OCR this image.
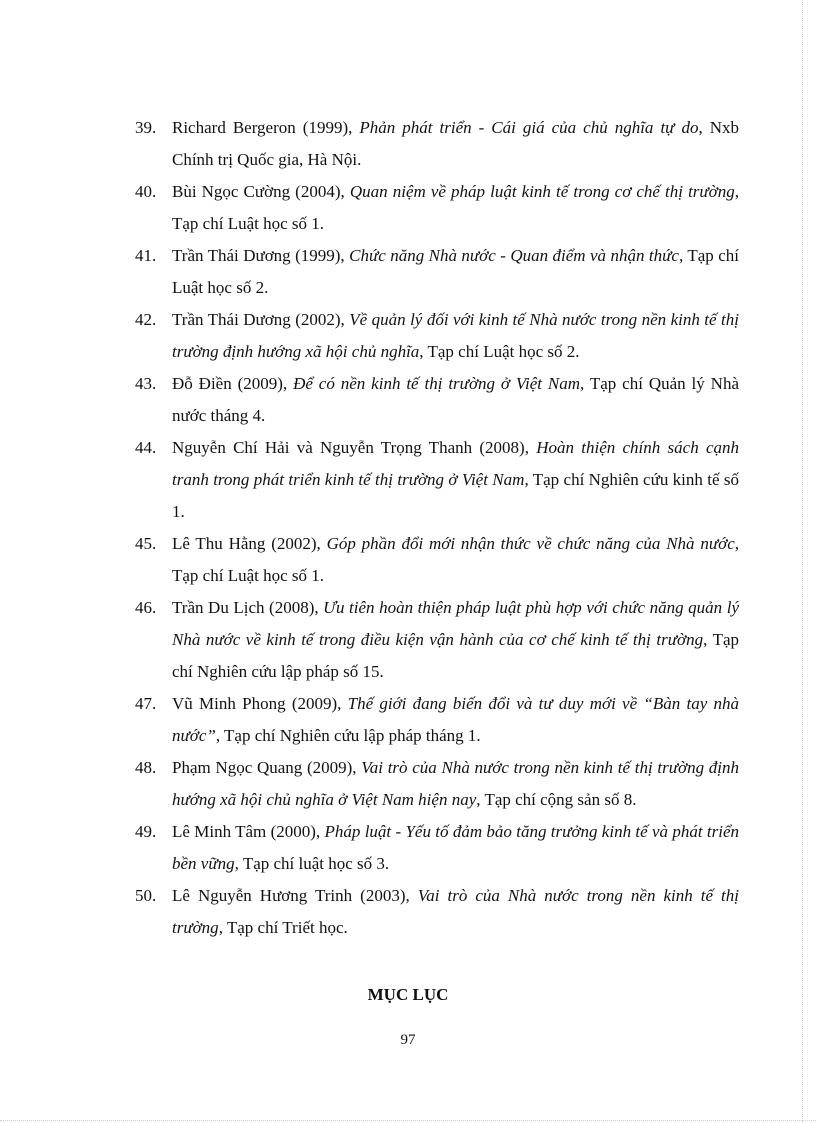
39. Richard Bergeron (1999), Phản phát triển - Cái giá của chủ nghĩa tự do, Nxb Chính trị Quốc gia, Hà Nội.
40. Bùi Ngọc Cường (2004), Quan niệm về pháp luật kinh tế trong cơ chế thị trường, Tạp chí Luật học số 1.
41. Trần Thái Dương (1999), Chức năng Nhà nước - Quan điểm và nhận thức, Tạp chí Luật học số 2.
42. Trần Thái Dương (2002), Về quản lý đối với kinh tế Nhà nước trong nền kinh tế thị trường định hướng xã hội chủ nghĩa, Tạp chí Luật học số 2.
43. Đỗ Điền (2009), Để có nền kinh tế thị trường ở Việt Nam, Tạp chí Quản lý Nhà nước tháng 4.
44. Nguyễn Chí Hải và Nguyễn Trọng Thanh (2008), Hoàn thiện chính sách cạnh tranh trong phát triển kinh tế thị trường ở Việt Nam, Tạp chí Nghiên cứu kinh tế số 1.
45. Lê Thu Hằng (2002), Góp phần đổi mới nhận thức về chức năng của Nhà nước, Tạp chí Luật học số 1.
46. Trần Du Lịch (2008), Ưu tiên hoàn thiện pháp luật phù hợp với chức năng quản lý Nhà nước về kinh tế trong điều kiện vận hành của cơ chế kinh tế thị trường, Tạp chí Nghiên cứu lập pháp số 15.
47. Vũ Minh Phong (2009), Thế giới đang biến đổi và tư duy mới về “Bàn tay nhà nước”, Tạp chí Nghiên cứu lập pháp tháng 1.
48. Phạm Ngọc Quang (2009), Vai trò của Nhà nước trong nền kinh tế thị trường định hướng xã hội chủ nghĩa ở Việt Nam hiện nay, Tạp chí cộng sản số 8.
49. Lê Minh Tâm (2000), Pháp luật - Yếu tố đảm bảo tăng trưởng kinh tế và phát triển bền vững, Tạp chí luật học số 3.
50. Lê Nguyễn Hương Trinh (2003), Vai trò của Nhà nước trong nền kinh tế thị trường, Tạp chí Triết học.
MỤC LỤC
97
